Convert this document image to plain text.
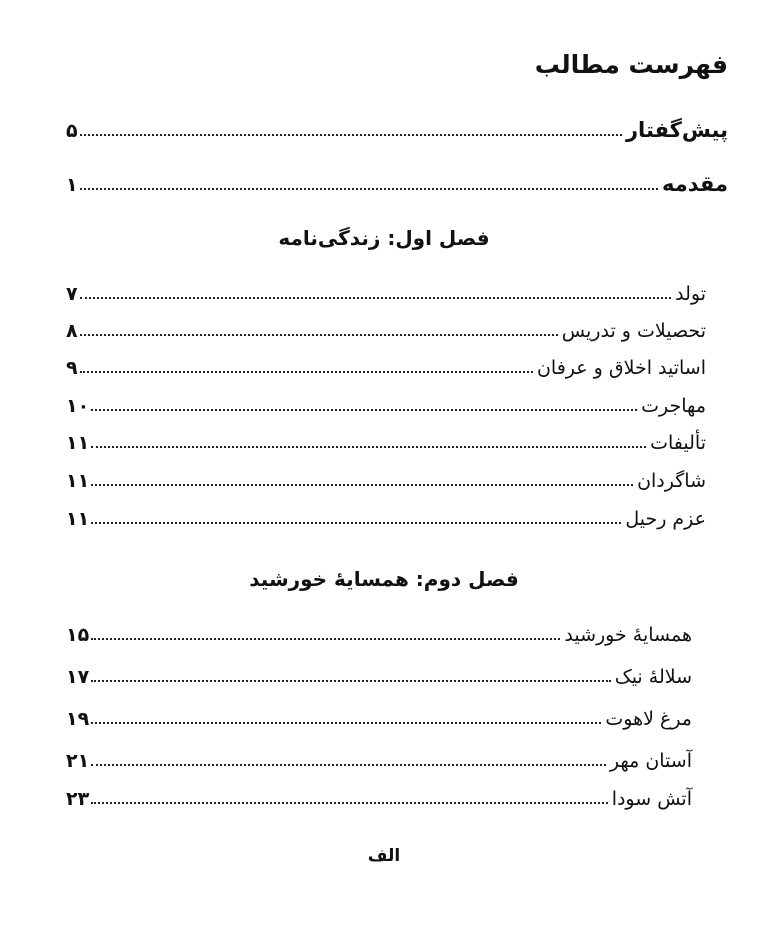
فهرست مطالب
پیش‌گفتار
۵
مقدمه
۱
فصل اول: زندگی‌نامه
تولد
۷
تحصیلات و تدریس
۸
اساتید اخلاق و عرفان
۹
مهاجرت
۱۰
تألیفات
۱۱
شاگردان
۱۱
عزم رحیل
۱۱
فصل دوم: همسایۀ خورشید
همسایۀ خورشید
۱۵
سلالۀ نیک
۱۷
مرغ لاهوت
۱۹
آستان مهر
۲۱
آتش سودا
۲۳
الف
